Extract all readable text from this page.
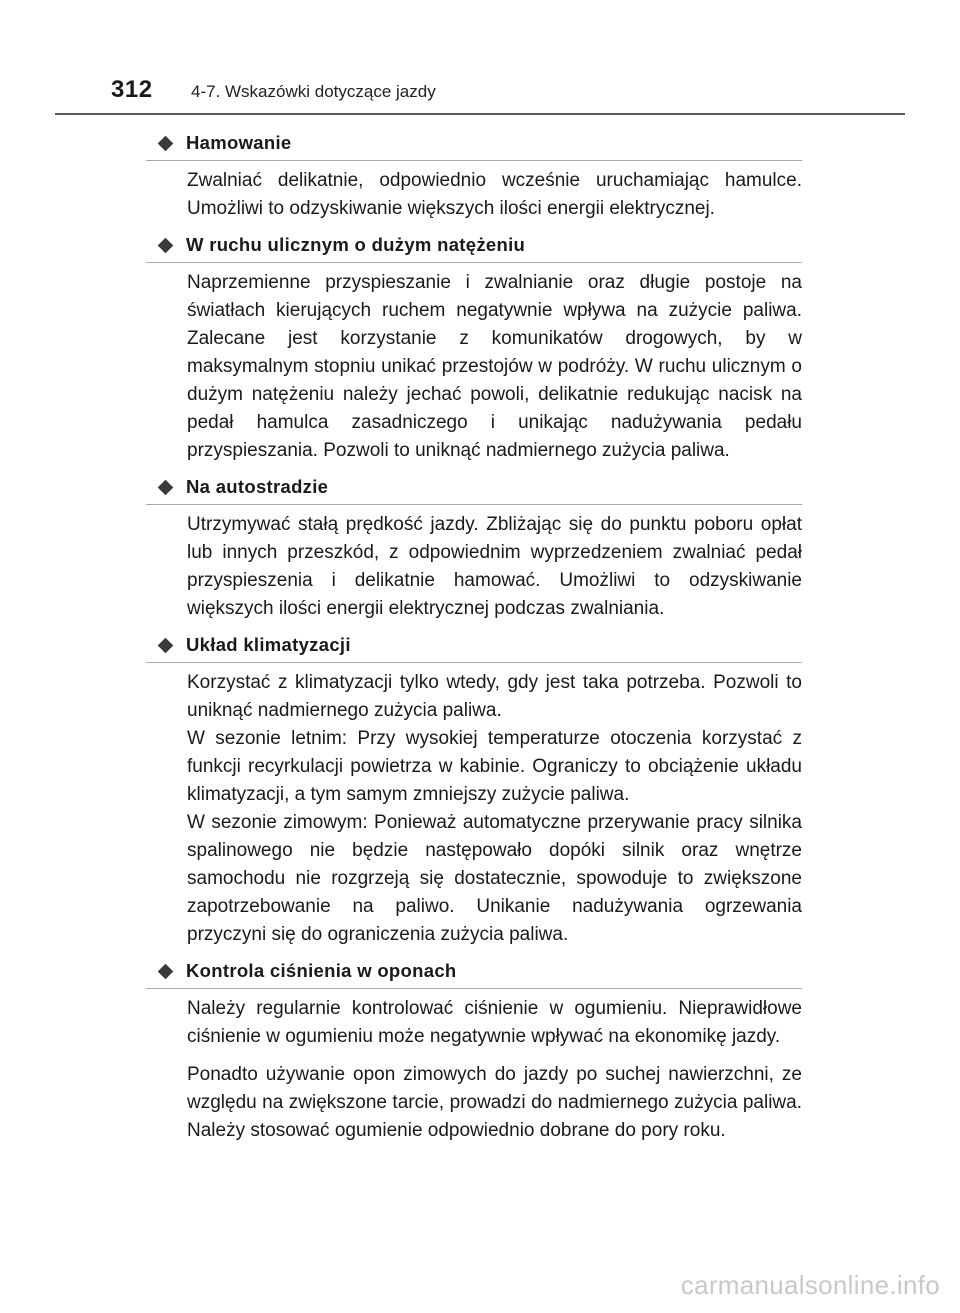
312	4-7. Wskazówki dotyczące jazdy
Hamowanie

Zwalniać delikatnie, odpowiednio wcześnie uruchamiając hamulce. Umożliwi to odzyskiwanie większych ilości energii elektrycznej.

W ruchu ulicznym o dużym natężeniu

Naprzemienne przyspieszanie i zwalnianie oraz długie postoje na światłach kierujących ruchem negatywnie wpływa na zużycie paliwa. Zalecane jest korzystanie z komunikatów drogowych, by w maksymalnym stopniu unikać przestojów w podróży. W ruchu ulicznym o dużym natężeniu należy jechać powoli, delikatnie redukując nacisk na pedał hamulca zasadniczego i unikając nadużywania pedału przyspieszania. Pozwoli to uniknąć nadmiernego zużycia paliwa.

Na autostradzie

Utrzymywać stałą prędkość jazdy. Zbliżając się do punktu poboru opłat lub innych przeszkód, z odpowiednim wyprzedzeniem zwalniać pedał przyspieszenia i delikatnie hamować. Umożliwi to odzyskiwanie większych ilości energii elektrycznej podczas zwalniania.

Układ klimatyzacji

Korzystać z klimatyzacji tylko wtedy, gdy jest taka potrzeba. Pozwoli to uniknąć nadmiernego zużycia paliwa.

W sezonie letnim: Przy wysokiej temperaturze otoczenia korzystać z funkcji recyrkulacji powietrza w kabinie. Ograniczy to obciążenie układu klimatyzacji, a tym samym zmniejszy zużycie paliwa.

W sezonie zimowym: Ponieważ automatyczne przerywanie pracy silnika spalinowego nie będzie następowało dopóki silnik oraz wnętrze samochodu nie rozgrzeją się dostatecznie, spowoduje to zwiększone zapotrzebowanie na paliwo. Unikanie nadużywania ogrzewania przyczyni się do ograniczenia zużycia paliwa.

Kontrola ciśnienia w oponach

Należy regularnie kontrolować ciśnienie w ogumieniu. Nieprawidłowe ciśnienie w ogumieniu może negatywnie wpływać na ekonomikę jazdy.

Ponadto używanie opon zimowych do jazdy po suchej nawierzchni, ze względu na zwiększone tarcie, prowadzi do nadmiernego zużycia paliwa. Należy stosować ogumienie odpowiednio dobrane do pory roku.

carmanualsonline.info
